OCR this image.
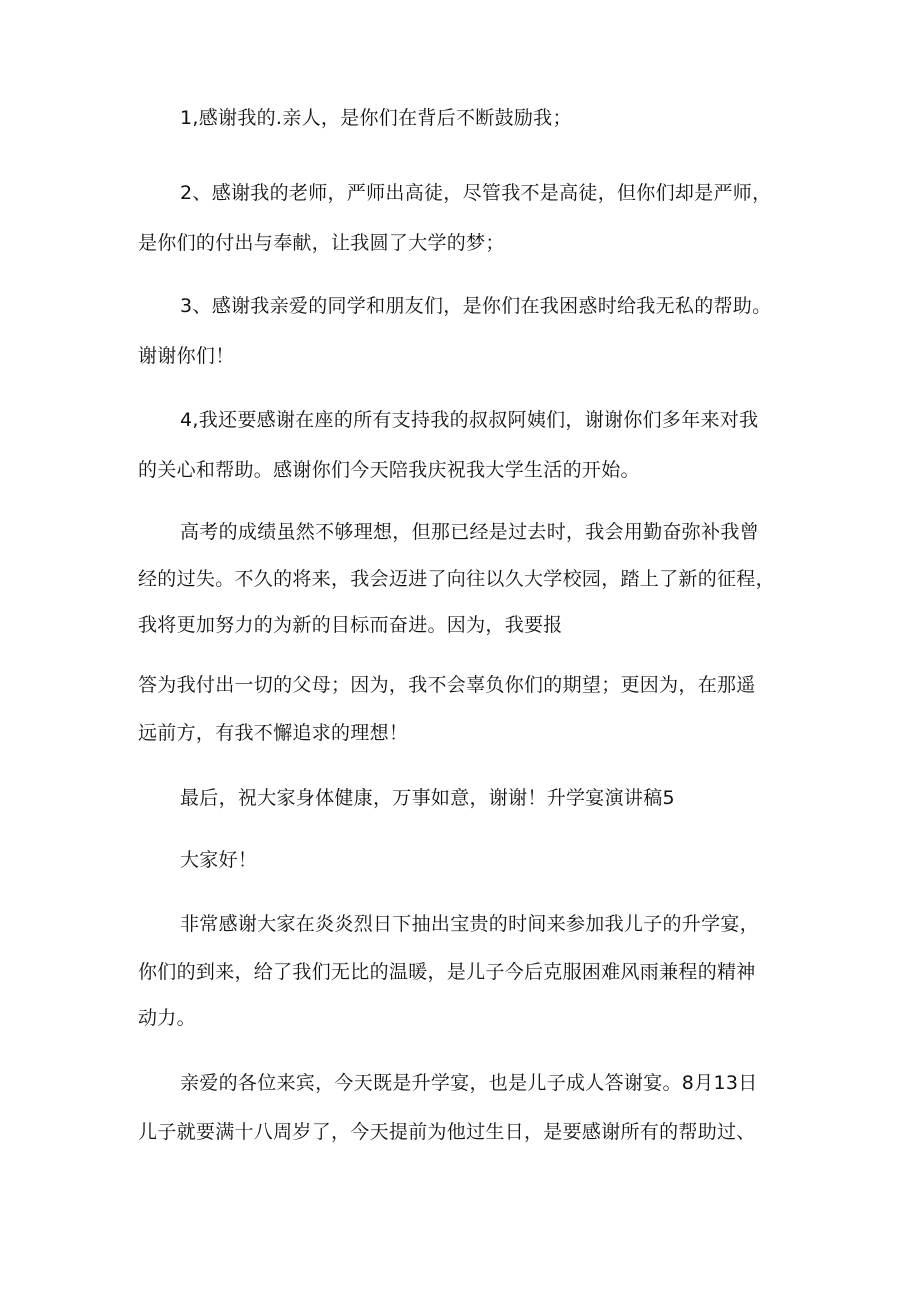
1,感谢我的.亲人，是你们在背后不断鼓励我；
2、感谢我的老师，严师出高徒，尽管我不是高徒，但你们却是严师，
是你们的付出与奉献，让我圆了大学的梦；
3、感谢我亲爱的同学和朋友们，是你们在我困惑时给我无私的帮助。
谢谢你们！
4,我还要感谢在座的所有支持我的叔叔阿姨们，谢谢你们多年来对我
的关心和帮助。感谢你们今天陪我庆祝我大学生活的开始。
高考的成绩虽然不够理想，但那已经是过去时，我会用勤奋弥补我曾
经的过失。不久的将来，我会迈进了向往以久大学校园，踏上了新的征程，
我将更加努力的为新的目标而奋进。因为，我要报
答为我付出一切的父母；因为，我不会辜负你们的期望；更因为，在那遥
远前方，有我不懈追求的理想！
最后，祝大家身体健康，万事如意，谢谢！升学宴演讲稿5
大家好！
非常感谢大家在炎炎烈日下抽出宝贵的时间来参加我儿子的升学宴，
你们的到来，给了我们无比的温暖，是儿子今后克服困难风雨兼程的精神
动力。
亲爱的各位来宾，今天既是升学宴，也是儿子成人答谢宴。8月13日
儿子就要满十八周岁了，今天提前为他过生日，是要感谢所有的帮助过、
